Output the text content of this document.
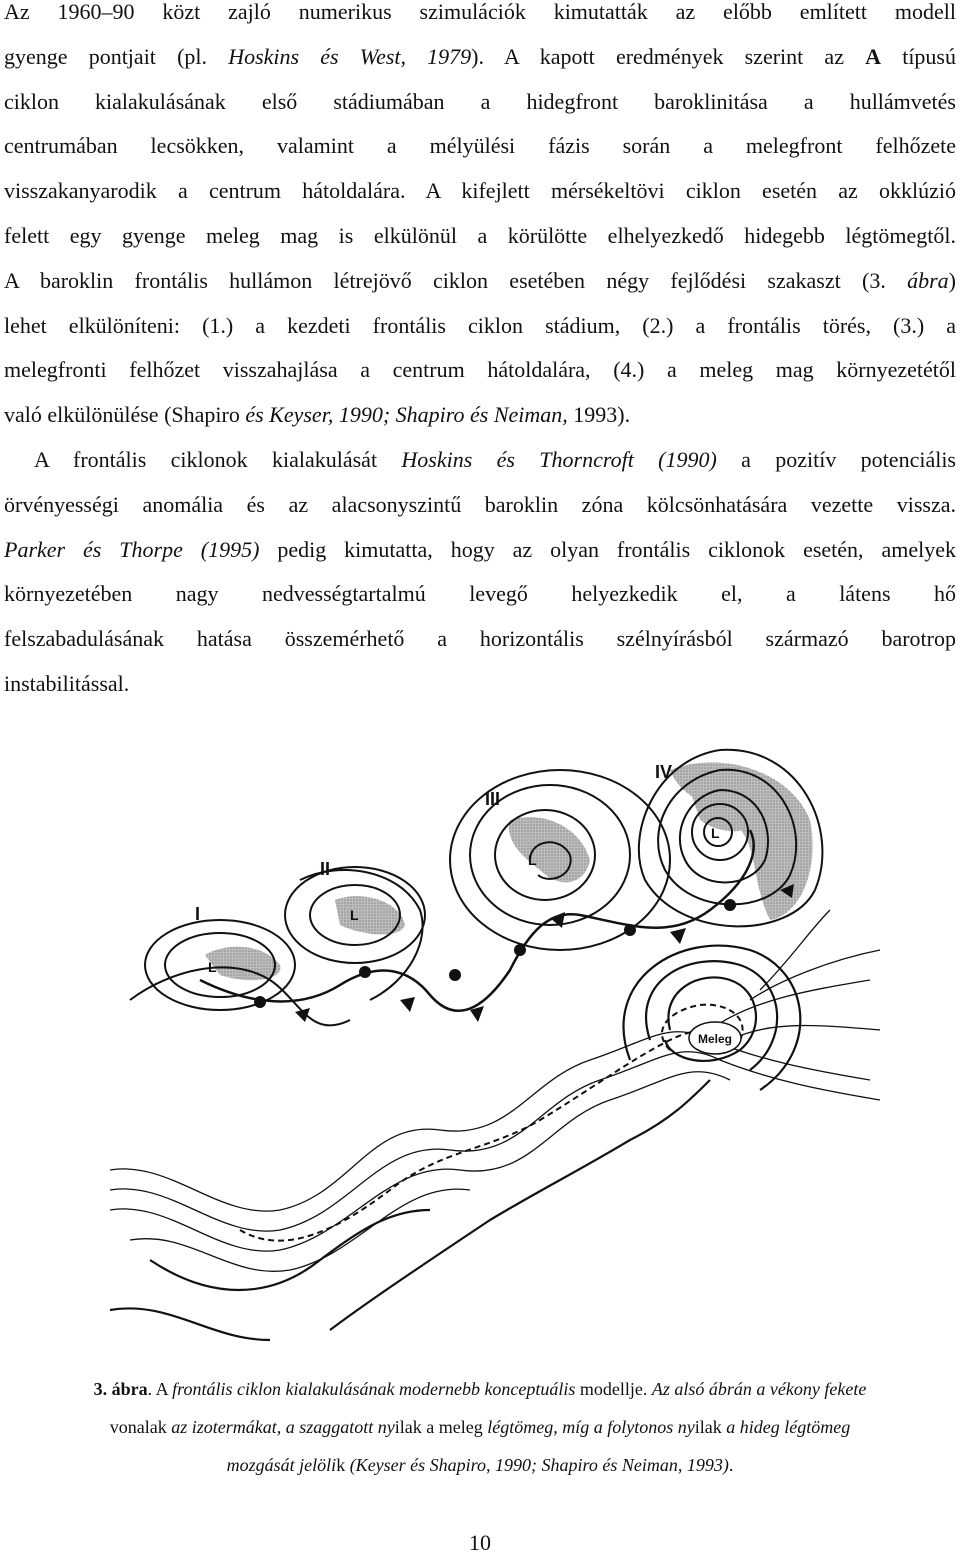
Az 1960–90 közt zajló numerikus szimulációk kimutatták az előbb említett modell
gyenge pontjait (pl. Hoskins és West, 1979). A kapott eredmények szerint az A típusú
ciklon kialakulásának első stádiumában a hidegfront baroklinitása a hullámvetés
centrumában lecsökken, valamint a mélyülési fázis során a melegfront felhőzete
visszakanyarodik a centrum hátoldalára. A kifejlett mérsékeltövi ciklon esetén az okklúzió
felett egy gyenge meleg mag is elkülönül a körülötte elhelyezkedő hidegebb légtömegtől.
A baroklin frontális hullámon létrejövő ciklon esetében négy fejlődési szakaszt (3. ábra)
lehet elkülöníteni: (1.) a kezdeti frontális ciklon stádium, (2.) a frontális törés, (3.) a
melegfronti felhőzet visszahajlása a centrum hátoldalára, (4.) a meleg mag környezetétől
való elkülönülése (Shapiro és Keyser, 1990; Shapiro és Neiman, 1993).
A frontális ciklonok kialakulását Hoskins és Thorncroft (1990) a pozitív potenciális
örvényességi anomália és az alacsonyszintű baroklin zóna kölcsönhatására vezette vissza.
Parker és Thorpe (1995) pedig kimutatta, hogy az olyan frontális ciklonok esetén, amelyek
környezetében nagy nedvességtartalmú levegő helyezkedik el, a látens hő
felszabadulásának hatása összemérhető a horizontális szélnyírásból származó barotrop
instabilitással.
I
II
III
IV
L
L
L
L
Meleg
3. ábra. A frontális ciklon kialakulásának modernebb konceptuális modellje. Az alsó ábrán a vékony fekete
vonalak az izotermákat, a szaggatott nyilak a meleg légtömeg, míg a folytonos nyilak a hideg légtömeg
mozgását jelölik (Keyser és Shapiro, 1990; Shapiro és Neiman, 1993).
10
